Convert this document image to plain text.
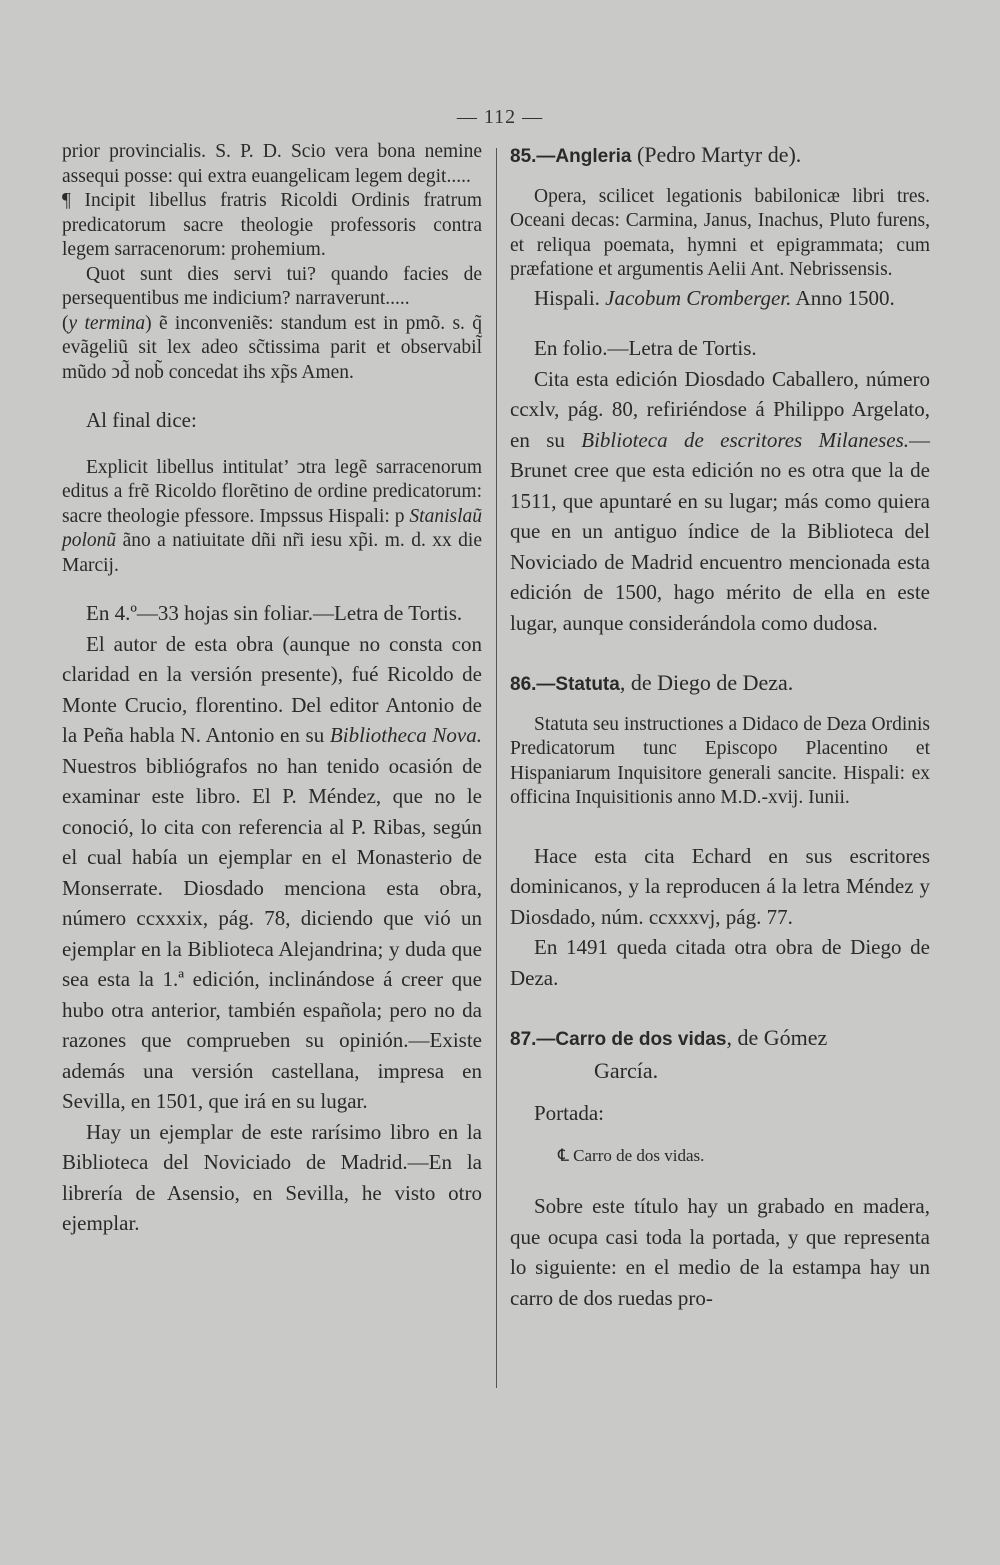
— 112 —

prior provincialis. S. P. D. Scio vera bona nemine assequi posse: qui extra euangelicam legem degit.....

¶ Incipit libellus fratris Ricoldi Ordinis fratrum predicatorum sacre theologie professoris contra legem sarracenorum: prohemium.

Quot sunt dies servi tui? quando facies de persequentibus me indicium? narraverunt.....

(y termina) ẽ inconveniẽs: standum est in pmõ. s. q̃ evãgeliũ sit lex adeo sc̃tissima parit et observabil̃ mũdo ↄd̃ nob̃ concedat ihs xp̃s Amen.

Al final dice:

Explicit libellus intitulat’ ↄtra legẽ sarracenorum editus a frẽ Ricoldo florẽtino de ordine predicatorum: sacre theologie pfessore. Impssus Hispali: p Stanislaũ polonũ ãno a natiuitate dñi nr̃i iesu xp̃i. m. d. xx die Marcij.

En 4.º—33 hojas sin foliar.—Letra de Tortis.

El autor de esta obra (aunque no consta con claridad en la versión presente), fué Ricoldo de Monte Crucio, florentino. Del editor Antonio de la Peña habla N. Antonio en su Bibliotheca Nova. Nuestros bibliógrafos no han tenido ocasión de examinar este libro. El P. Méndez, que no le conoció, lo cita con referencia al P. Ribas, según el cual había un ejemplar en el Monasterio de Monserrate. Diosdado menciona esta obra, número ccxxxix, pág. 78, diciendo que vió un ejemplar en la Biblioteca Alejandrina; y duda que sea esta la 1.ª edición, inclinándose á creer que hubo otra anterior, también española; pero no da razones que comprueben su opinión.—Existe además una versión castellana, impresa en Sevilla, en 1501, que irá en su lugar.

Hay un ejemplar de este rarísimo libro en la Biblioteca del Noviciado de Madrid.—En la librería de Asensio, en Sevilla, he visto otro ejemplar.

85.—Angleria (Pedro Martyr de).

Opera, scilicet legationis babilonicæ libri tres. Oceani decas: Carmina, Janus, Inachus, Pluto furens, et reliqua poemata, hymni et epigrammata; cum præfatione et argumentis Aelii Ant. Nebrissensis.

Hispali. Jacobum Cromberger. Anno 1500.

En folio.—Letra de Tortis.

Cita esta edición Diosdado Caballero, número ccxlv, pág. 80, refiriéndose á Philippo Argelato, en su Biblioteca de escritores Milaneses.—Brunet cree que esta edición no es otra que la de 1511, que apuntaré en su lugar; más como quiera que en un antiguo índice de la Biblioteca del Noviciado de Madrid encuentro mencionada esta edición de 1500, hago mérito de ella en este lugar, aunque considerándola como dudosa.

86.—Statuta, de Diego de Deza.

Statuta seu instructiones a Didaco de Deza Ordinis Predicatorum tunc Episcopo Placentino et Hispaniarum Inquisitore generali sancite. Hispali: ex officina Inquisitionis anno M.D.-xvij. Iunii.

Hace esta cita Echard en sus escritores dominicanos, y la reproducen á la letra Méndez y Diosdado, núm. ccxxxvj, pág. 77.

En 1491 queda citada otra obra de Diego de Deza.

87.—Carro de dos vidas, de Gómez

García.

Portada:

℄ Carro de dos vidas.

Sobre este título hay un grabado en madera, que ocupa casi toda la portada, y que representa lo siguiente: en el medio de la estampa hay un carro de dos ruedas pro-
